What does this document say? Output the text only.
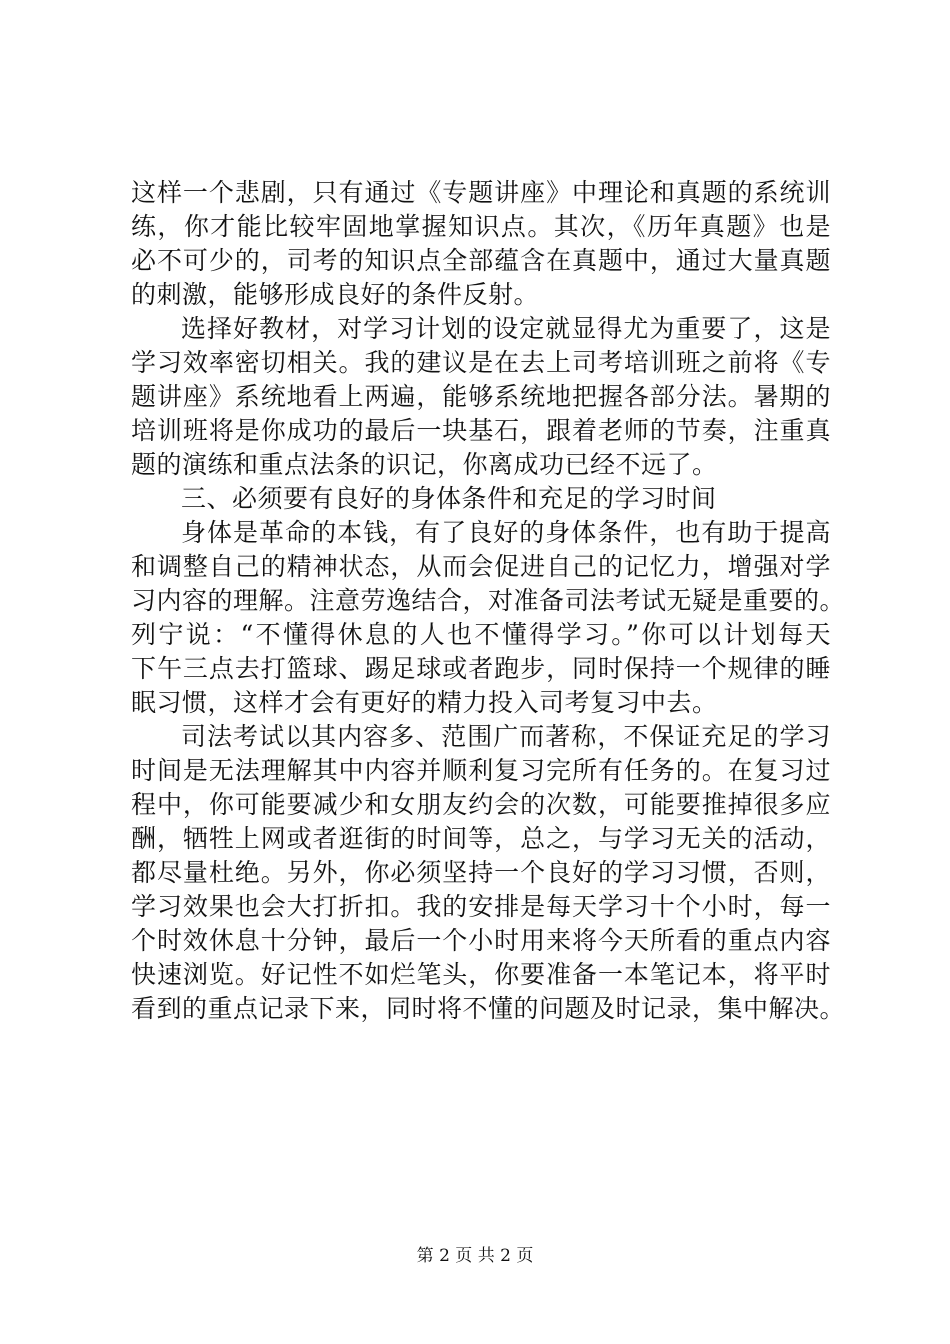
这样一个悲剧，只有通过《专题讲座》中理论和真题的系统训
练，你才能比较牢固地掌握知识点。其次，《历年真题》也是
必不可少的，司考的知识点全部蕴含在真题中，通过大量真题
的刺激，能够形成良好的条件反射。
选择好教材，对学习计划的设定就显得尤为重要了，这是
学习效率密切相关。我的建议是在去上司考培训班之前将《专
题讲座》系统地看上两遍，能够系统地把握各部分法。暑期的
培训班将是你成功的最后一块基石，跟着老师的节奏，注重真
题的演练和重点法条的识记，你离成功已经不远了。
三、必须要有良好的身体条件和充足的学习时间
身体是革命的本钱，有了良好的身体条件，也有助于提高
和调整自己的精神状态，从而会促进自己的记忆力，增强对学
习内容的理解。注意劳逸结合，对准备司法考试无疑是重要的。
列宁说：“不懂得休息的人也不懂得学习。”你可以计划每天
下午三点去打篮球、踢足球或者跑步，同时保持一个规律的睡
眠习惯，这样才会有更好的精力投入司考复习中去。
司法考试以其内容多、范围广而著称，不保证充足的学习
时间是无法理解其中内容并顺利复习完所有任务的。在复习过
程中，你可能要减少和女朋友约会的次数，可能要推掉很多应
酬，牺牲上网或者逛街的时间等，总之，与学习无关的活动，
都尽量杜绝。另外，你必须坚持一个良好的学习习惯，否则，
学习效果也会大打折扣。我的安排是每天学习十个小时，每一
个时效休息十分钟，最后一个小时用来将今天所看的重点内容
快速浏览。好记性不如烂笔头，你要准备一本笔记本，将平时
看到的重点记录下来，同时将不懂的问题及时记录，集中解决。
第 2 页 共 2 页
